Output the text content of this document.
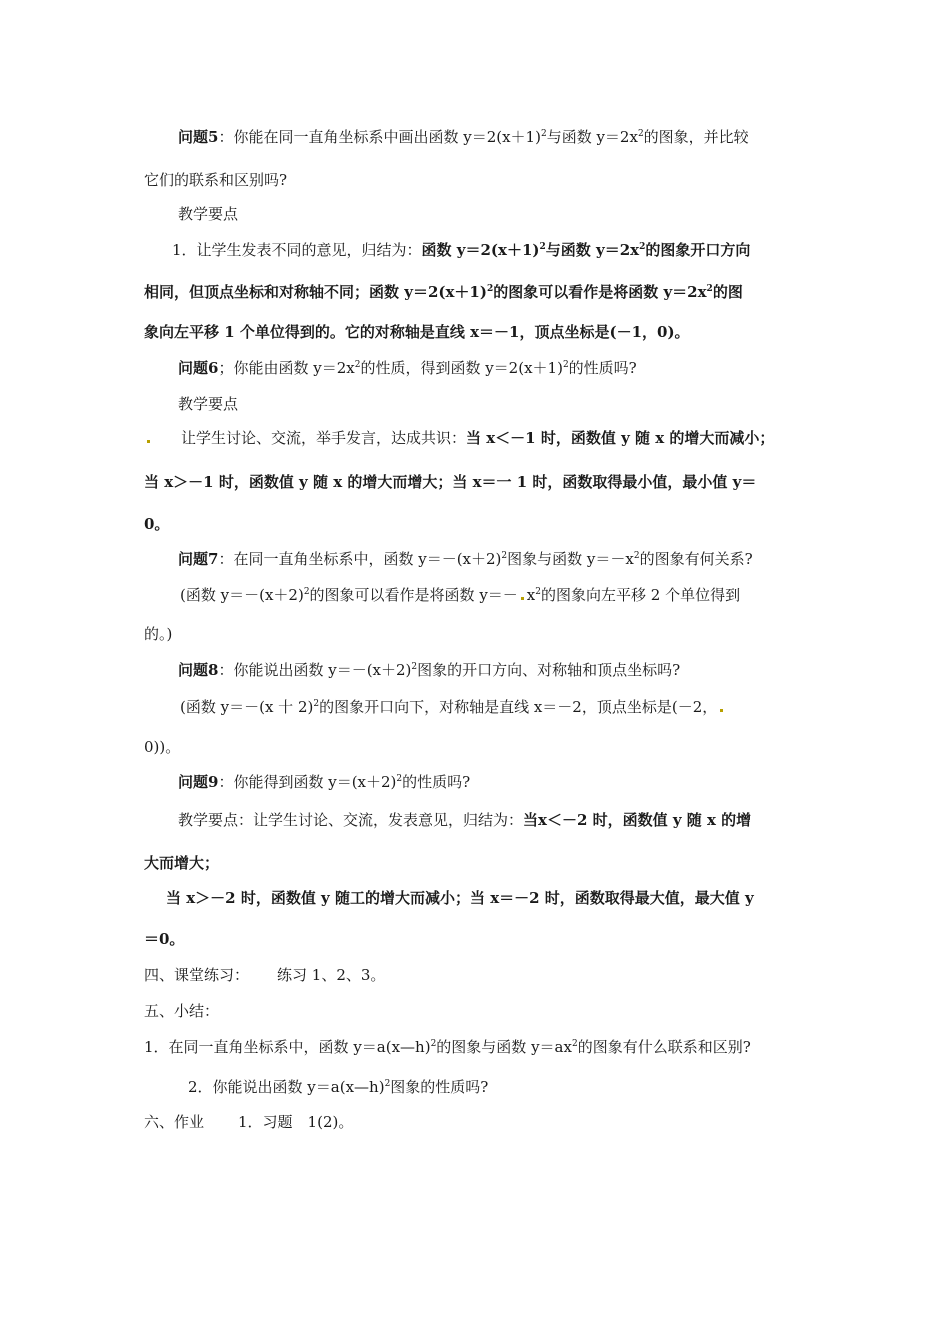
问题5：你能在同一直角坐标系中画出函数 $y=2(x+1)^2$与函数 $y=2x^2$的图象，并比较
它们的联系和区别吗?
教学要点
1．让学生发表不同的意见，归结为：函数 $y=2(x+1)^2$与函数 $y=2x^2$的图象开口方向
相同，但顶点坐标和对称轴不同；函数 $y=2(x+1)^2$的图象可以看作是将函数 $y=2x^2$的图
象向左平移 1 个单位得到的。它的对称轴是直线 x＝－1，顶点坐标是(－1，0)。
问题6；你能由函数 $y=2x^2$的性质，得到函数 $y=2(x+1)^2$的性质吗?
教学要点
让学生讨论、交流，举手发言，达成共识：当 x＜－1 时，函数值 y 随 x 的增大而减小；
当 x＞－1 时，函数值 y 随 x 的增大而增大；当 x＝一 1 时，函数取得最小值，最小值 y＝
0。
问题7：在同一直角坐标系中，函数 $y=-(x+2)^2$图象与函数 $y=-x^2$的图象有何关系?
(函数 $y=-(x+2)^2$的图象可以看作是将函数 $y=- x^2$的图象向左平移 2 个单位得到
的。)
问题8：你能说出函数 $y=-(x+2)^2$图象的开口方向、对称轴和顶点坐标吗?
(函数 y＝－(x 十 2)$^2$的图象开口向下，对称轴是直线 x＝－2，顶点坐标是(－2，
0))。
问题9：你能得到函数 $y=(x+2)^2$的性质吗?
教学要点：让学生讨论、交流，发表意见，归结为：当x＜－2 时，函数值 y 随 x 的增
大而增大；
当 x＞－2 时，函数值 y 随工的增大而减小；当 x＝－2 时，函数取得最大值，最大值 y
＝0。
四、课堂练习： 练习 1、2、3。
五、小结：
1．在同一直角坐标系中，函数 y＝a(x—h)$^2$的图象与函数 $y=ax^2$的图象有什么联系和区别?
2．你能说出函数 y＝a(x—h)$^2$图象的性质吗?
六、作业 1．习题　1(2)。
